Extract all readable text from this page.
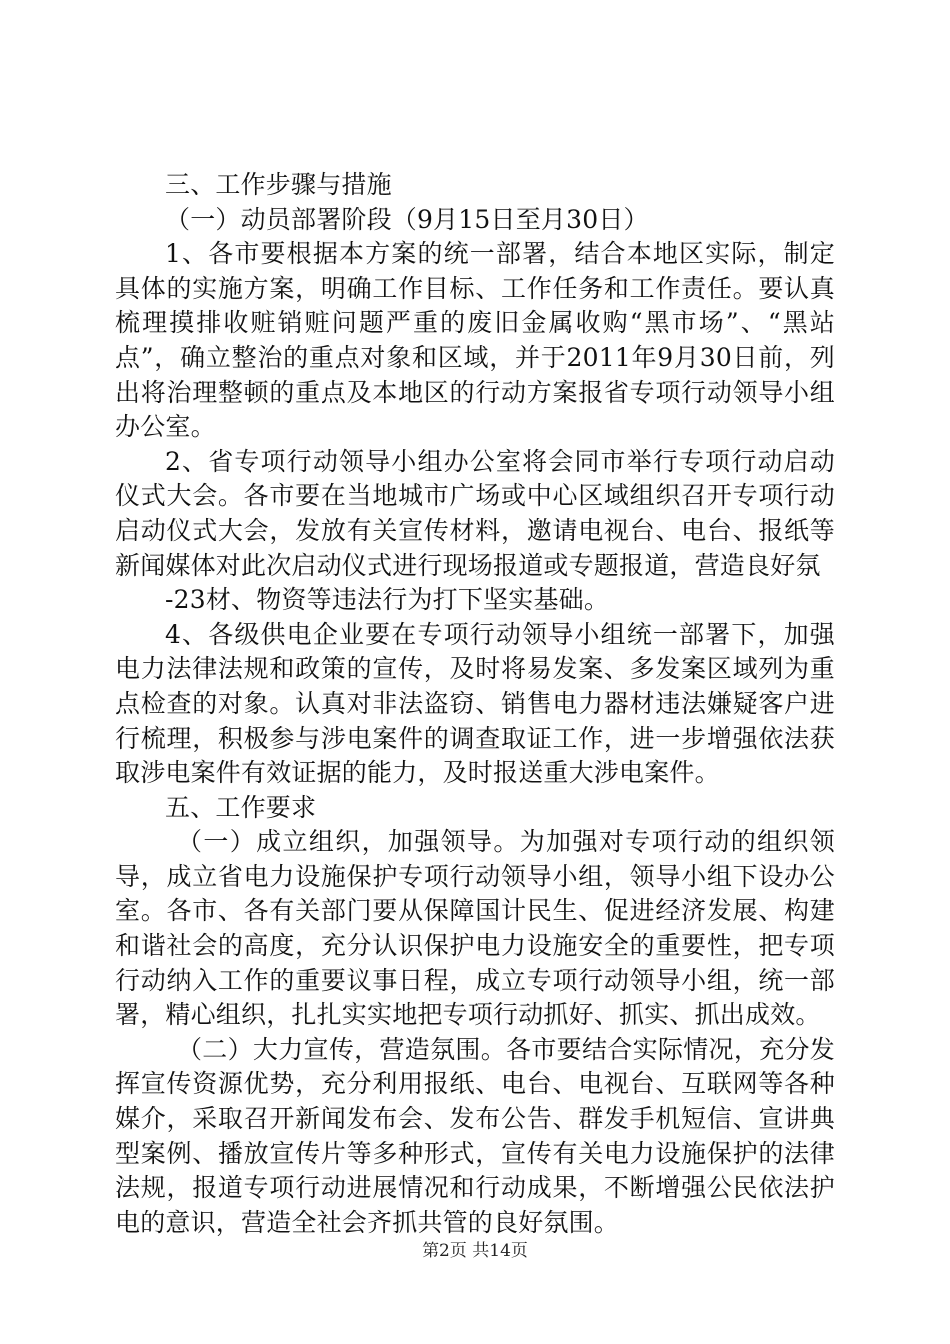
三、工作步骤与措施

（一）动员部署阶段（9月15日至月30日）

1、各市要根据本方案的统一部署，结合本地区实际，制定具体的实施方案，明确工作目标、工作任务和工作责任。要认真梳理摸排收赃销赃问题严重的废旧金属收购“黑市场”、“黑站点”，确立整治的重点对象和区域，并于2011年9月30日前，列出将治理整顿的重点及本地区的行动方案报省专项行动领导小组办公室。

2、省专项行动领导小组办公室将会同市举行专项行动启动仪式大会。各市要在当地城市广场或中心区域组织召开专项行动启动仪式大会，发放有关宣传材料，邀请电视台、电台、报纸等新闻媒体对此次启动仪式进行现场报道或专题报道，营造良好氛

-23材、物资等违法行为打下坚实基础。

4、各级供电企业要在专项行动领导小组统一部署下，加强电力法律法规和政策的宣传，及时将易发案、多发案区域列为重点检查的对象。认真对非法盗窃、销售电力器材违法嫌疑客户进行梳理，积极参与涉电案件的调查取证工作，进一步增强依法获取涉电案件有效证据的能力，及时报送重大涉电案件。

五、工作要求

（一）成立组织，加强领导。为加强对专项行动的组织领导，成立省电力设施保护专项行动领导小组，领导小组下设办公室。各市、各有关部门要从保障国计民生、促进经济发展、构建和谐社会的高度，充分认识保护电力设施安全的重要性，把专项行动纳入工作的重要议事日程，成立专项行动领导小组，统一部署，精心组织，扎扎实实地把专项行动抓好、抓实、抓出成效。

（二）大力宣传，营造氛围。各市要结合实际情况，充分发挥宣传资源优势，充分利用报纸、电台、电视台、互联网等各种媒介，采取召开新闻发布会、发布公告、群发手机短信、宣讲典型案例、播放宣传片等多种形式，宣传有关电力设施保护的法律法规，报道专项行动进展情况和行动成果，不断增强公民依法护电的意识，营造全社会齐抓共管的良好氛围。

第2页 共14页
